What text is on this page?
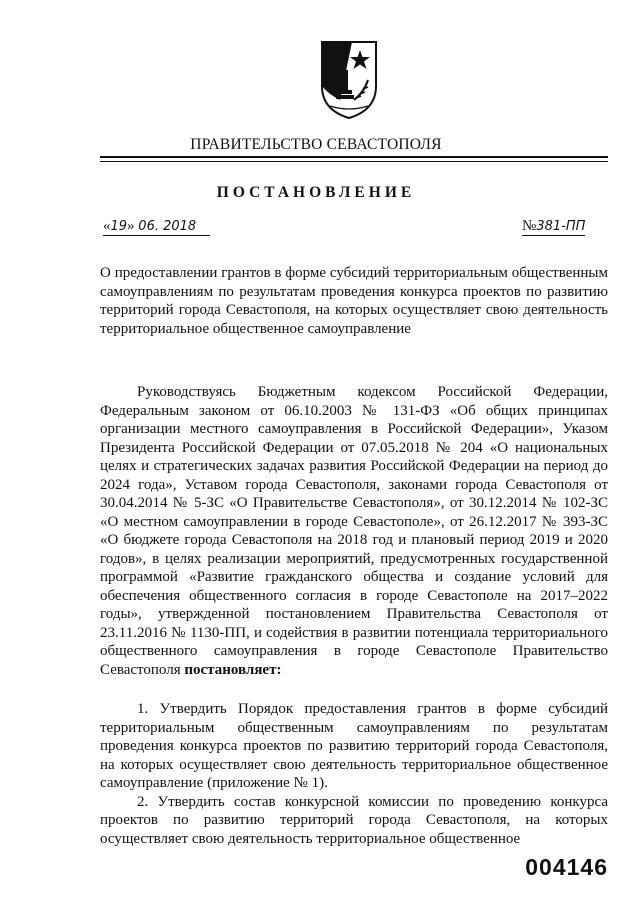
ПРАВИТЕЛЬСТВО СЕВАСТОПОЛЯ
ПОСТАНОВЛЕНИЕ
«19» 06. 2018	№381-ПП

О предоставлении грантов в форме субсидий территориальным общественным самоуправлениям по результатам проведения конкурса проектов по развитию территорий города Севастополя, на которых осуществляет свою деятельность территориальное общественное самоуправление

Руководствуясь Бюджетным кодексом Российской Федерации, Федеральным законом от 06.10.2003 № 131-ФЗ «Об общих принципах организации местного самоуправления в Российской Федерации», Указом Президента Российской Федерации от 07.05.2018 № 204 «О национальных целях и стратегических задачах развития Российской Федерации на период до 2024 года», Уставом города Севастополя, законами города Севастополя от 30.04.2014 № 5-ЗС «О Правительстве Севастополя», от 30.12.2014 № 102-ЗС «О местном самоуправлении в городе Севастополе», от 26.12.2017 № 393-ЗС «О бюджете города Севастополя на 2018 год и плановый период 2019 и 2020 годов», в целях реализации мероприятий, предусмотренных государственной программой «Развитие гражданского общества и создание условий для обеспечения общественного согласия в городе Севастополе на 2017–2022 годы», утвержденной постановлением Правительства Севастополя от 23.11.2016 № 1130-ПП, и содействия в развитии потенциала территориального общественного самоуправления в городе Севастополе Правительство Севастополя постановляет:

1. Утвердить Порядок предоставления грантов в форме субсидий территориальным общественным самоуправлениям по результатам проведения конкурса проектов по развитию территорий города Севастополя, на которых осуществляет свою деятельность территориальное общественное самоуправление (приложение № 1).

2. Утвердить состав конкурсной комиссии по проведению конкурса проектов по развитию территорий города Севастополя, на которых осуществляет свою деятельность территориальное общественное

004146
